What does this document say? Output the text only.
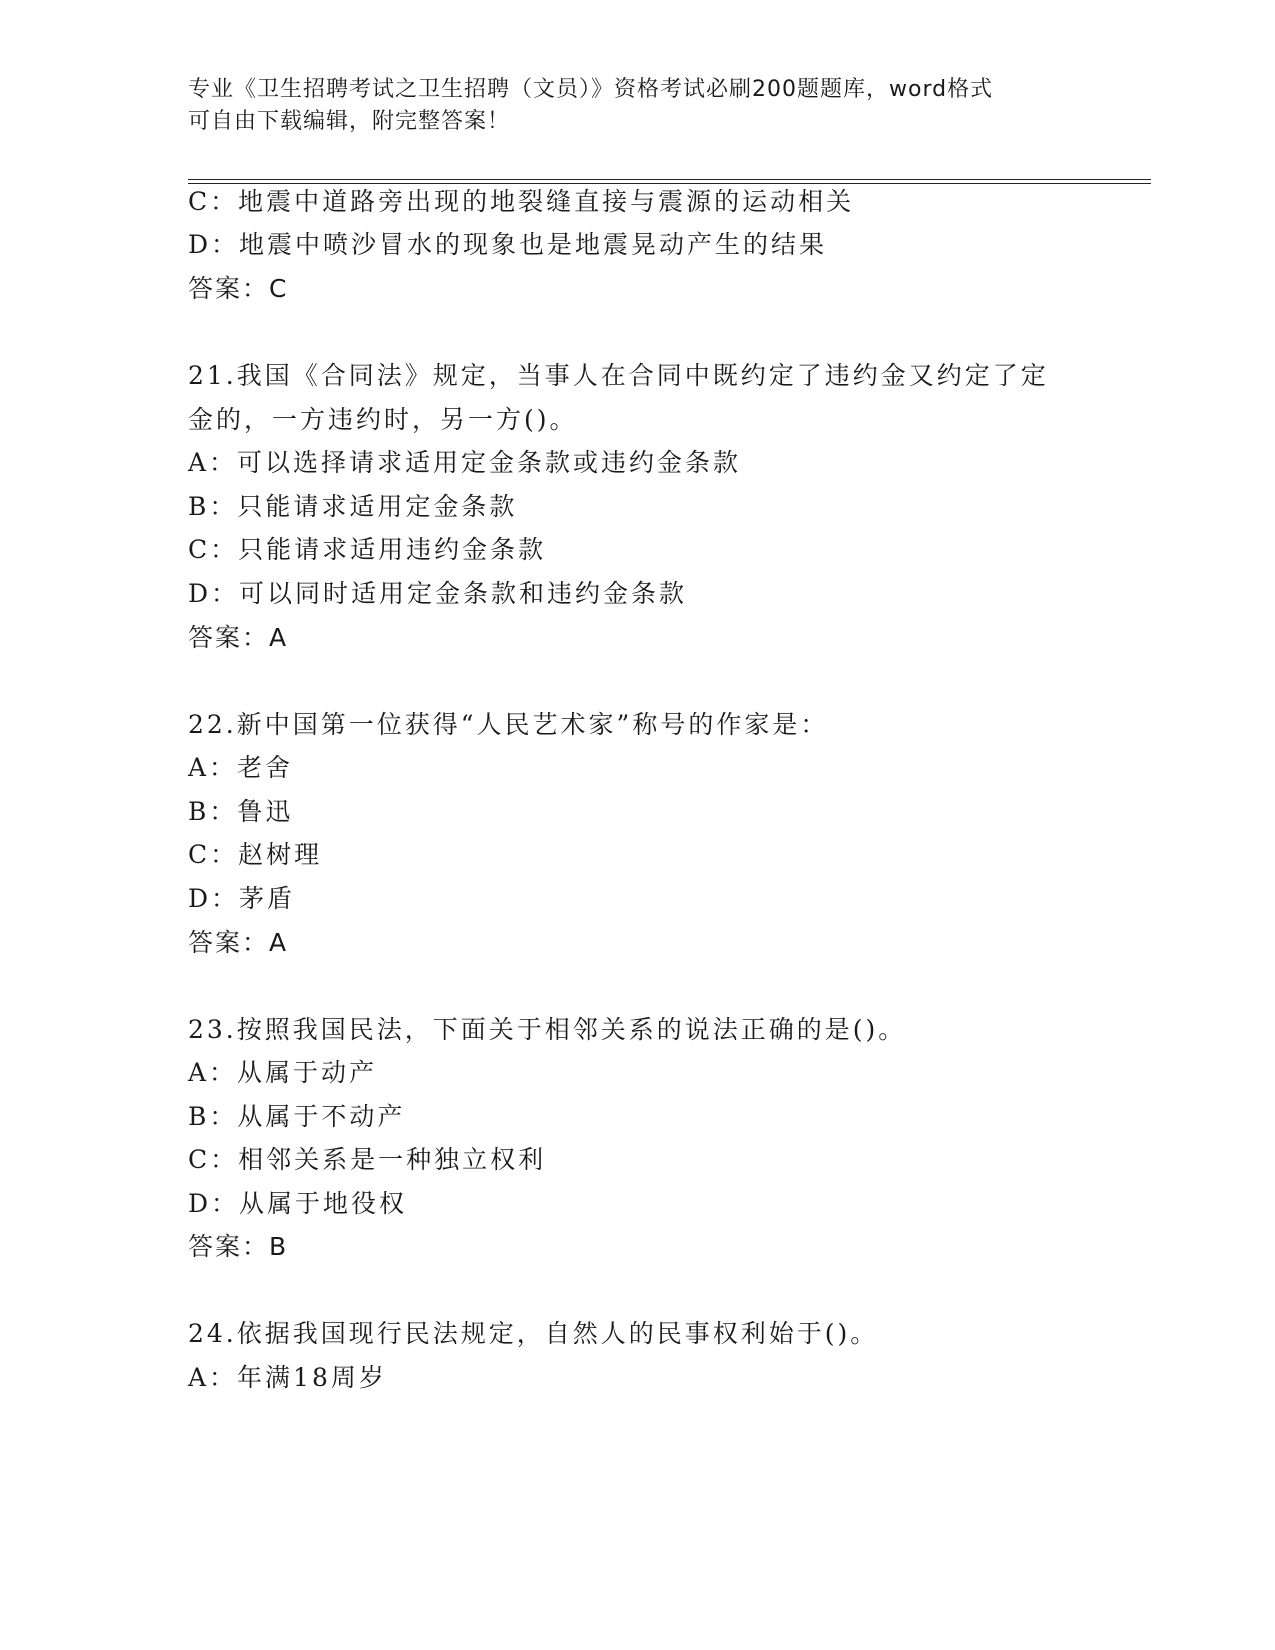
专业《卫生招聘考试之卫生招聘（文员）》资格考试必刷200题题库，word格式
可自由下载编辑，附完整答案！
C：地震中道路旁出现的地裂缝直接与震源的运动相关
D：地震中喷沙冒水的现象也是地震晃动产生的结果
答案：C
21.我国《合同法》规定，当事人在合同中既约定了违约金又约定了定
金的，一方违约时，另一方()。
A：可以选择请求适用定金条款或违约金条款
B：只能请求适用定金条款
C：只能请求适用违约金条款
D：可以同时适用定金条款和违约金条款
答案：A
22.新中国第一位获得“人民艺术家”称号的作家是：
A：老舍
B：鲁迅
C：赵树理
D：茅盾
答案：A
23.按照我国民法，下面关于相邻关系的说法正确的是()。
A：从属于动产
B：从属于不动产
C：相邻关系是一种独立权利
D：从属于地役权
答案：B
24.依据我国现行民法规定，自然人的民事权利始于()。
A：年满18周岁
